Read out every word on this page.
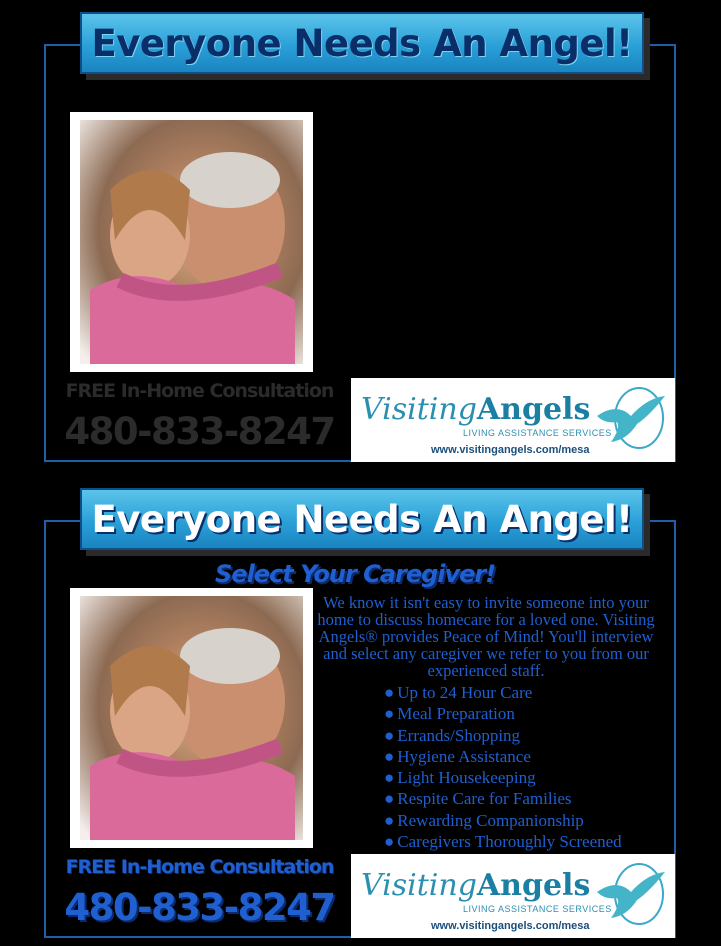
Everyone Needs An Angel!
FREE In-Home Consultation
480-833-8247
VisitingAngels
LIVING ASSISTANCE SERVICES
www.visitingangels.com/mesa
Everyone Needs An Angel!
Select Your Caregiver!

We know it isn't easy to invite someone into your home to discuss homecare for a loved one. Visiting Angels® provides Peace of Mind! You'll interview and select any caregiver we refer to you from our experienced staff.

● Up to 24 Hour Care
● Meal Preparation
● Errands/Shopping
● Hygiene Assistance
● Light Housekeeping
● Respite Care for Families
● Rewarding Companionship
● Caregivers Thoroughly Screened
FREE In-Home Consultation
480-833-8247
VisitingAngels
LIVING ASSISTANCE SERVICES
www.visitingangels.com/mesa
